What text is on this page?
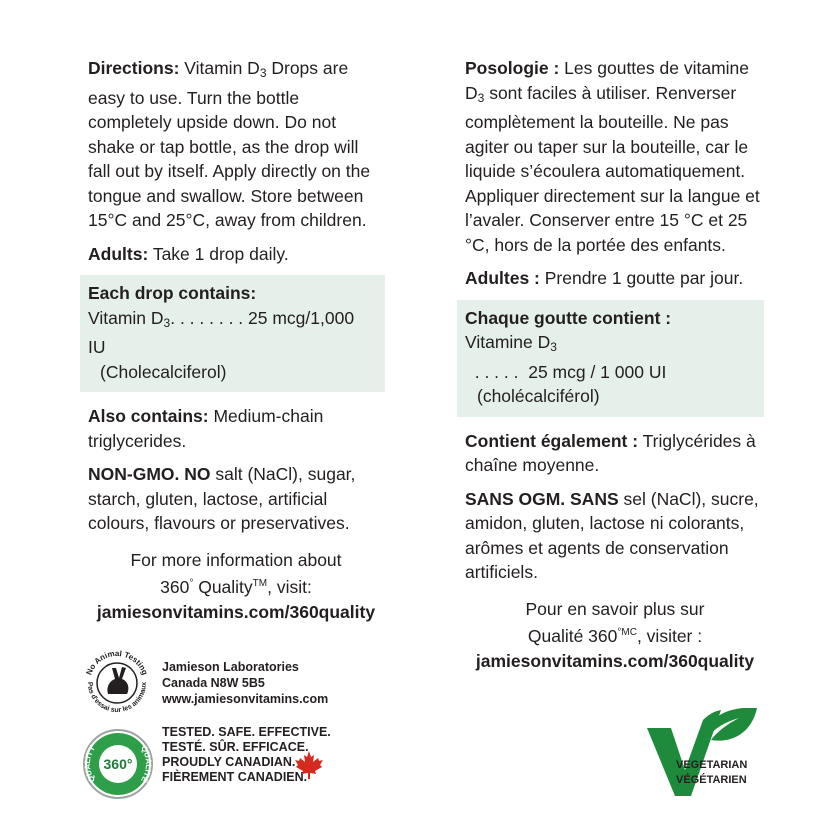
Directions: Vitamin $D_3$ Drops are easy to use. Turn the bottle completely upside down. Do not shake or tap bottle, as the drop will fall out by itself. Apply directly on the tongue and swallow. Store between 15°C and 25°C, away from children.

Adults: Take 1 drop daily.

Each drop contains:
Vitamin $D_3$. . . . . . . . 25 mcg/1,000 IU
(Cholecalciferol)

Also contains: Medium-chain triglycerides.

NON-GMO. NO salt (NaCl), sugar, starch, gluten, lactose, artificial colours, flavours or preservatives.

For more information about
360° Quality™, visit:
jamiesonvitamins.com/360quality

Posologie : Les gouttes de vitamine $D_3$ sont faciles à utiliser. Renverser complètement la bouteille. Ne pas agiter ou taper sur la bouteille, car le liquide s’écoulera automatiquement. Appliquer directement sur la langue et l’avaler. Conserver entre 15 °C et 25 °C, hors de la portée des enfants.

Adultes : Prendre 1 goutte par jour.

Chaque goutte contient :
Vitamine $D_3$  . . . . .  25 mcg / 1 000 UI
(cholécalciférol)

Contient également : Triglycérides à chaîne moyenne.

SANS OGM. SANS sel (NaCl), sucre, amidon, gluten, lactose ni colorants, arômes et agents de conservation artificiels.

Pour en savoir plus sur
Qualité $360^{^\circ MC}$, visiter :
jamiesonvitamins.com/360quality
No Animal Testing
Pas d'essai sur les animaux
Jamieson Laboratories
Canada N8W 5B5
www.jamiesonvitamins.com
QUALITY	QUALITÉ
360°
TESTED. SAFE. EFFECTIVE.
TESTÉ. SÛR. EFFICACE.
PROUDLY CANADIAN.
FIÈREMENT CANADIEN.
VEGETARIAN
VÉGÉTARIEN
